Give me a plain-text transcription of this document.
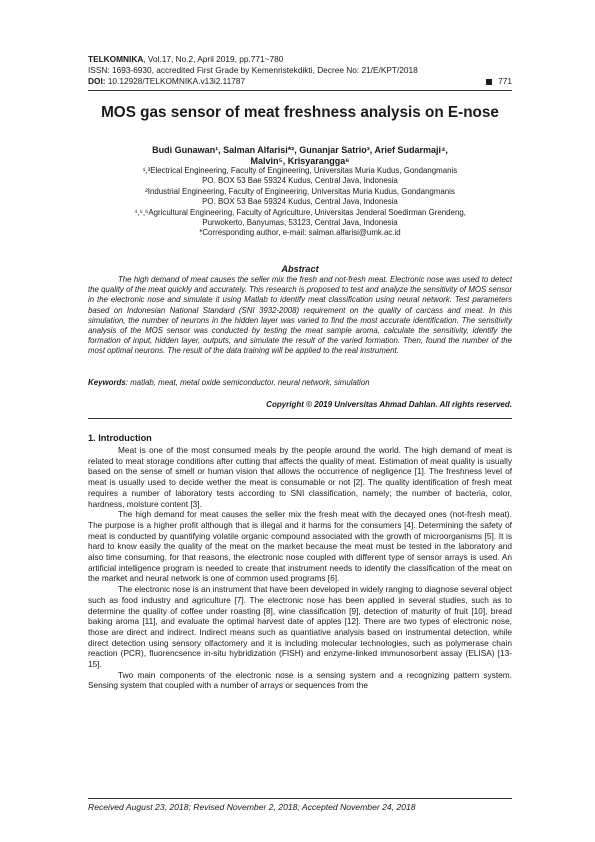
TELKOMNIKA, Vol.17, No.2, April 2019, pp.771~780
ISSN: 1693-6930, accredited First Grade by Kemenristekdikti, Decree No: 21/E/KPT/2018
DOI: 10.12928/TELKOMNIKA.v13i2.11787	771
MOS gas sensor of meat freshness analysis on E-nose
Budi Gunawan¹, Salman Alfarisi*², Gunanjar Satrio³, Arief Sudarmaji⁴,
Malvin⁵, Krisyarangga⁶
¹,³Electrical Engineering, Faculty of Engineering, Universitas Muria Kudus, Gondangmanis
PO. BOX 53 Bae 59324 Kudus, Central Java, Indonesia
²Industrial Engineering, Faculty of Engineering, Universitas Muria Kudus, Gondangmanis
PO. BOX 53 Bae 59324 Kudus, Central Java, Indonesia
⁴,⁵,⁶Agricultural Engineering, Faculty of Agriculture, Universitas Jenderal Soedirman Grendeng,
Purwokerto, Banyumas, 53123, Central Java, Indonesia
*Corresponding author, e-mail: salman.alfarisi@umk.ac.id
Abstract
The high demand of meat causes the seller mix the fresh and not-fresh meat. Electronic nose was used to detect the quality of the meat quickly and accurately. This research is proposed to test and analyze the sensitivity of MOS sensor in the electronic nose and simulate it using Matlab to identify meat classification using neural network. Test parameters based on Indonesian National Standard (SNI 3932-2008) requirement on the quality of carcass and meat. In this simulation, the number of neurons in the hidden layer was varied to find the most accurate identification. The sensitivity analysis of the MOS sensor was conducted by testing the meat sample aroma, calculate the sensitivity, identify the formation of input, hidden layer, outputs, and simulate the result of the varied formation. Then, found the number of the most optimal neurons. The result of the data training will be applied to the real instrument.
Keywords: matlab, meat, metal oxide semiconductor, neural network, simulation
Copyright © 2019 Universitas Ahmad Dahlan. All rights reserved.
1. Introduction

Meat is one of the most consumed meals by the people around the world. The high demand of meat is related to meat storage conditions after cutting that affects the quality of meat. Estimation of meat quality is usually based on the sense of smell or human vision that allows the occurrence of negligence [1]. The freshness level of meat is usually used to decide wether the meat is consumable or not [2]. The quality identification of fresh meat requires a number of laboratory tests according to SNI classification, namely; the number of bacteria, color, hardness, moisture content [3].

The high demand for meat causes the seller mix the fresh meat with the decayed ones (not-fresh meat). The purpose is a higher profit although that is illegal and it harms for the consumers [4]. Determining the safety of meat is conducted by quantifying volatile organic compound associated with the growth of microorganisms [5]. It is hard to know easily the quality of the meat on the market because the meat must be tested in the laboratory and also time consuming, for that reasons, the electronic nose coupled with different type of sensor arrays is used. An artificial intelligence program is needed to create that instrument needs to identify the classification of the meat on the market and neural network is one of common used programs [6].

The electronic nose is an instrument that have been developed in widely ranging to diagnose several object such as food industry and agriculture [7]. The electronic nose has been applied in several studies, such as to determine the quality of coffee under roasting [8], wine classification [9], detection of maturity of fruit [10], bread baking aroma [11], and evaluate the optimal harvest date of apples [12]. There are two types of electronic nose, those are direct and indirect. Indirect means such as quantiative analysis based on instrumental detection, while direct detection using sensory olfactomery and it is including molecular technologies, such as polymerase chain reaction (PCR), fluorencsence in-situ hybridization (FISH) and enzyme-linked immunosorbent assay (ELISA) [13-15].

Two main components of the electronic nose is a sensing system and a recognizing pattern system. Sensing system that coupled with a number of arrays or sequences from the

Received August 23, 2018; Revised November 2, 2018; Accepted November 24, 2018
